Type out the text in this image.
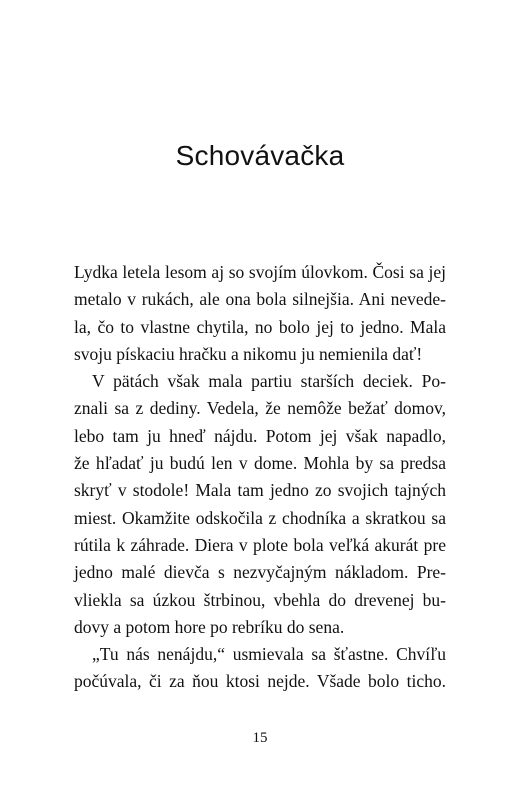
Schovávačka
Lydka letela lesom aj so svojím úlovkom. Čosi sa jej
metalo v rukách, ale ona bola silnejšia. Ani nevede-
la, čo to vlastne chytila, no bolo jej to jedno. Mala
svoju pískaciu hračku a nikomu ju nemienila dať!
V pätách však mala partiu starších deciek. Po-
znali sa z dediny. Vedela, že nemôže bežať domov,
lebo tam ju hneď nájdu. Potom jej však napadlo,
že hľadať ju budú len v dome. Mohla by sa predsa
skryť v stodole! Mala tam jedno zo svojich tajných
miest. Okamžite odskočila z chodníka a skratkou sa
rútila k záhrade. Diera v plote bola veľká akurát pre
jedno malé dievča s nezvyčajným nákladom. Pre-
vliekla sa úzkou štrbinou, vbehla do drevenej bu-
dovy a potom hore po rebríku do sena.
„Tu nás nenájdu,“ usmievala sa šťastne. Chvíľu
počúvala, či za ňou ktosi nejde. Všade bolo ticho.
15
